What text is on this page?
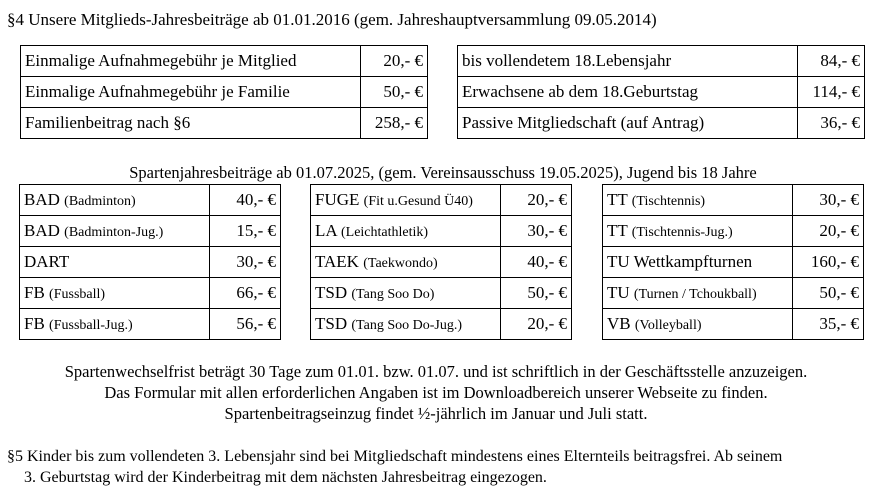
§4 Unsere Mitglieds-Jahresbeiträge ab 01.01.2016 (gem. Jahreshauptversammlung 09.05.2014)
Einmalige Aufnahmegebühr je Mitglied	20,- €
Einmalige Aufnahmegebühr je Familie	50,- €
Familienbeitrag nach §6	258,- €
bis vollendetem 18.Lebensjahr	84,- €
Erwachsene ab dem 18.Geburtstag	114,- €
Passive Mitgliedschaft (auf Antrag)	36,- €
Spartenjahresbeiträge ab 01.07.2025, (gem. Vereinsausschuss 19.05.2025), Jugend bis 18 Jahre
BAD (Badminton)	40,- €
BAD (Badminton-Jug.)	15,- €
DART	30,- €
FB (Fussball)	66,- €
FB (Fussball-Jug.)	56,- €
FUGE (Fit u.Gesund Ü40)	20,- €
LA (Leichtathletik)	30,- €
TAEK (Taekwondo)	40,- €
TSD (Tang Soo Do)	50,- €
TSD (Tang Soo Do-Jug.)	20,- €
TT (Tischtennis)	30,- €
TT (Tischtennis-Jug.)	20,- €
TU Wettkampfturnen	160,- €
TU (Turnen / Tchoukball)	50,- €
VB (Volleyball)	35,- €
Spartenwechselfrist beträgt 30 Tage zum 01.01. bzw. 01.07. und ist schriftlich in der Geschäftsstelle anzuzeigen.
Das Formular mit allen erforderlichen Angaben ist im Downloadbereich unserer Webseite zu finden.
Spartenbeitragseinzug findet ½-jährlich im Januar und Juli statt.
§5 Kinder bis zum vollendeten 3. Lebensjahr sind bei Mitgliedschaft mindestens eines Elternteils beitragsfrei. Ab seinem
3. Geburtstag wird der Kinderbeitrag mit dem nächsten Jahresbeitrag eingezogen.
